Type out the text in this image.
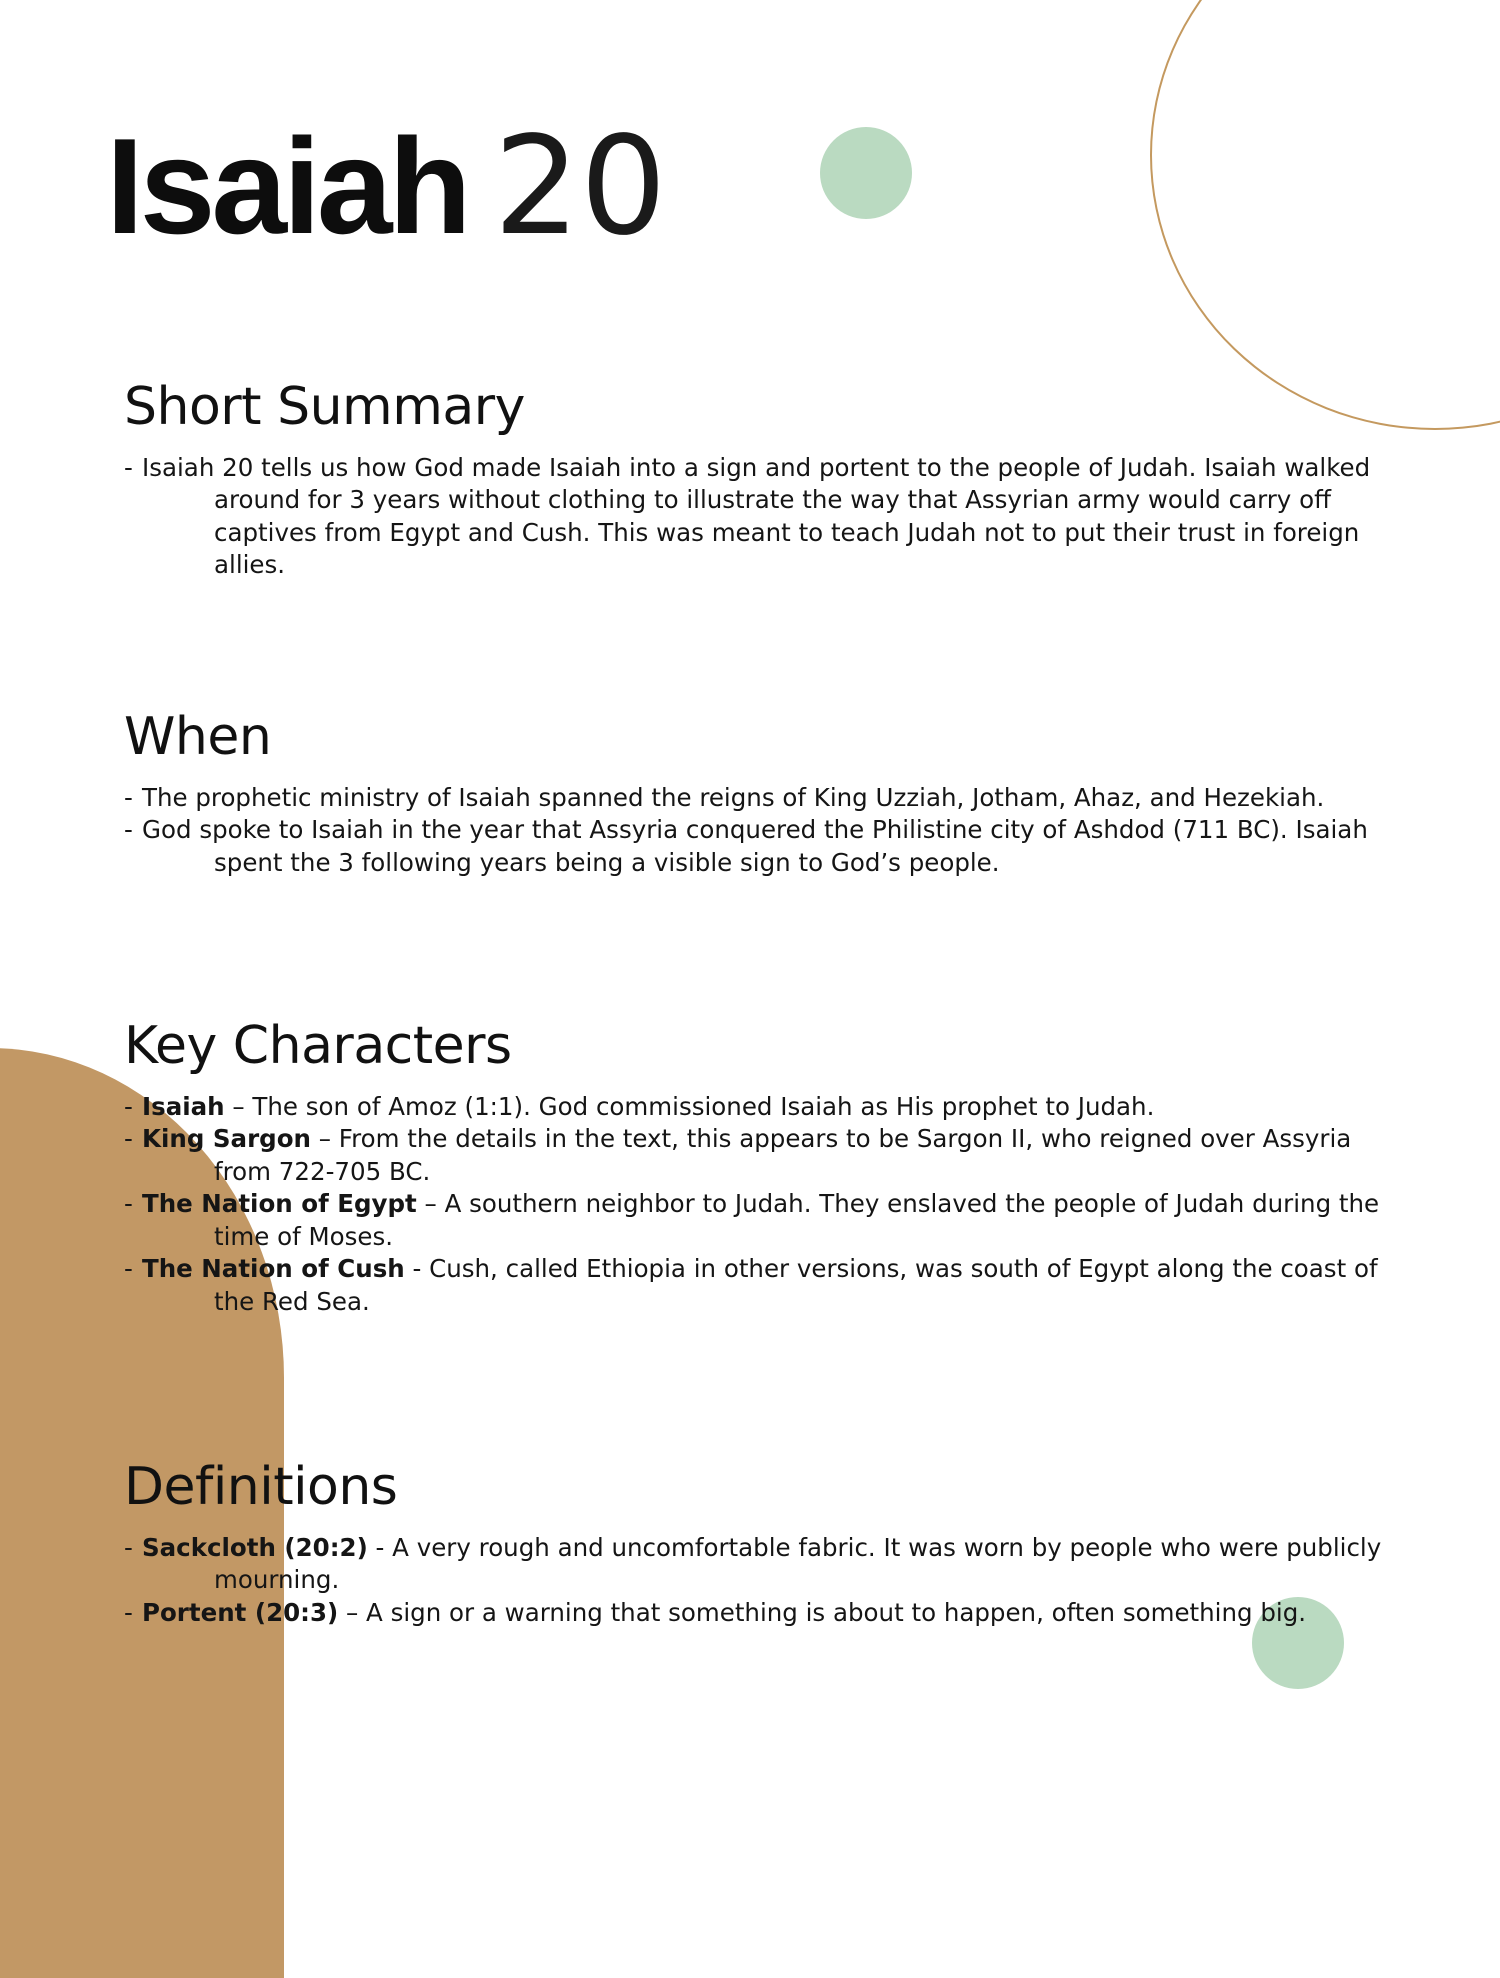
Isaiah 20
Short Summary
- Isaiah 20 tells us how God made Isaiah into a sign and portent to the people of Judah. Isaiah walked around for 3 years without clothing to illustrate the way that Assyrian army would carry off captives from Egypt and Cush. This was meant to teach Judah not to put their trust in foreign allies.
When
- The prophetic ministry of Isaiah spanned the reigns of King Uzziah, Jotham, Ahaz, and Hezekiah.
- God spoke to Isaiah in the year that Assyria conquered the Philistine city of Ashdod (711 BC). Isaiah spent the 3 following years being a visible sign to God’s people.
Key Characters
- Isaiah – The son of Amoz (1:1). God commissioned Isaiah as His prophet to Judah.
- King Sargon – From the details in the text, this appears to be Sargon II, who reigned over Assyria from 722-705 BC.
- The Nation of Egypt – A southern neighbor to Judah. They enslaved the people of Judah during the time of Moses.
- The Nation of Cush - Cush, called Ethiopia in other versions, was south of Egypt along the coast of the Red Sea.
Definitions
- Sackcloth (20:2) - A very rough and uncomfortable fabric. It was worn by people who were publicly mourning.
- Portent (20:3) – A sign or a warning that something is about to happen, often something big.
